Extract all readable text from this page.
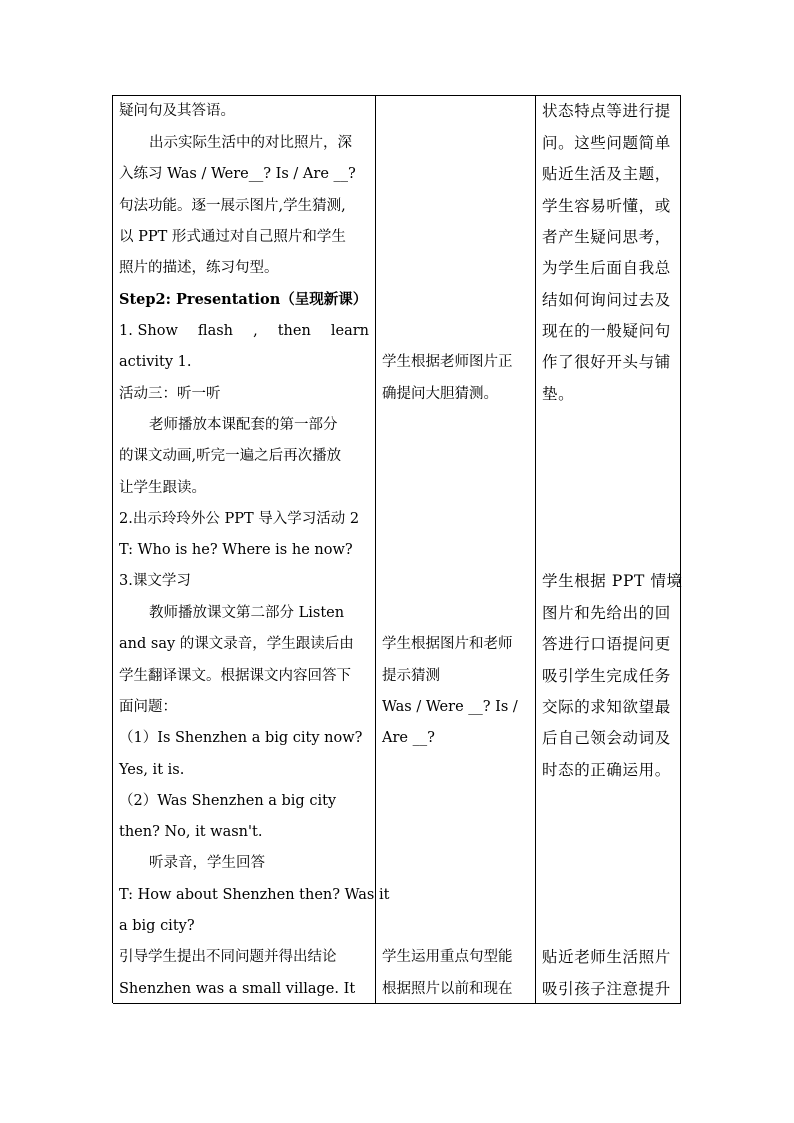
疑问句及其答语。
出示实际生活中的对比照片，深
入练习 Was / Were__? Is / Are __?
句法功能。逐一展示图片,学生猜测,
以 PPT 形式通过对自己照片和学生
照片的描述，练习句型。
Step2: Presentation（呈现新课）
1. Show flash , then learn
activity 1.
活动三：听一听
老师播放本课配套的第一部分
的课文动画,听完一遍之后再次播放
让学生跟读。
2.出示玲玲外公 PPT 导入学习活动 2
T: Who is he? Where is he now?
3.课文学习
教师播放课文第二部分 Listen
and say 的课文录音，学生跟读后由
学生翻译课文。根据课文内容回答下
面问题：
（1）Is Shenzhen a big city now?
Yes, it is.
（2）Was Shenzhen a big city
then? No, it wasn't.
听录音，学生回答
T: How about Shenzhen then? Was it
a big city?
引导学生提出不同问题并得出结论
Shenzhen was a small village. It
学生根据老师图片正
确提问大胆猜测。
学生根据图片和老师
提示猜测
Was / Were __? Is /
Are __?
学生运用重点句型能
根据照片以前和现在
状态特点等进行提
问。这些问题简单
贴近生活及主题，
学生容易听懂，或
者产生疑问思考，
为学生后面自我总
结如何询问过去及
现在的一般疑问句
作了很好开头与铺
垫。
学生根据 PPT 情境
图片和先给出的回
答进行口语提问更
吸引学生完成任务
交际的求知欲望最
后自己领会动词及
时态的正确运用。
贴近老师生活照片
吸引孩子注意提升
